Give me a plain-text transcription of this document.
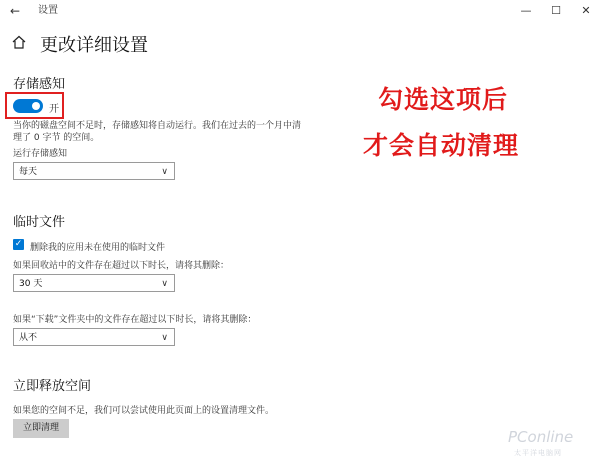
← 设置	—	☐	✕
更改详细设置
存储感知
开
当你的磁盘空间不足时，存储感知将自动运行。我们在过去的一个月中清
理了 0 字节 的空间。
运行存储感知
每天	∨
勾选这项后
才会自动清理
临时文件
✓ 删除我的应用未在使用的临时文件
如果回收站中的文件存在超过以下时长，请将其删除：
30 天	∨
如果“下载”文件夹中的文件存在超过以下时长，请将其删除：
从不	∨
立即释放空间
如果您的空间不足，我们可以尝试使用此页面上的设置清理文件。
立即清理	PConline
太平洋电脑网
